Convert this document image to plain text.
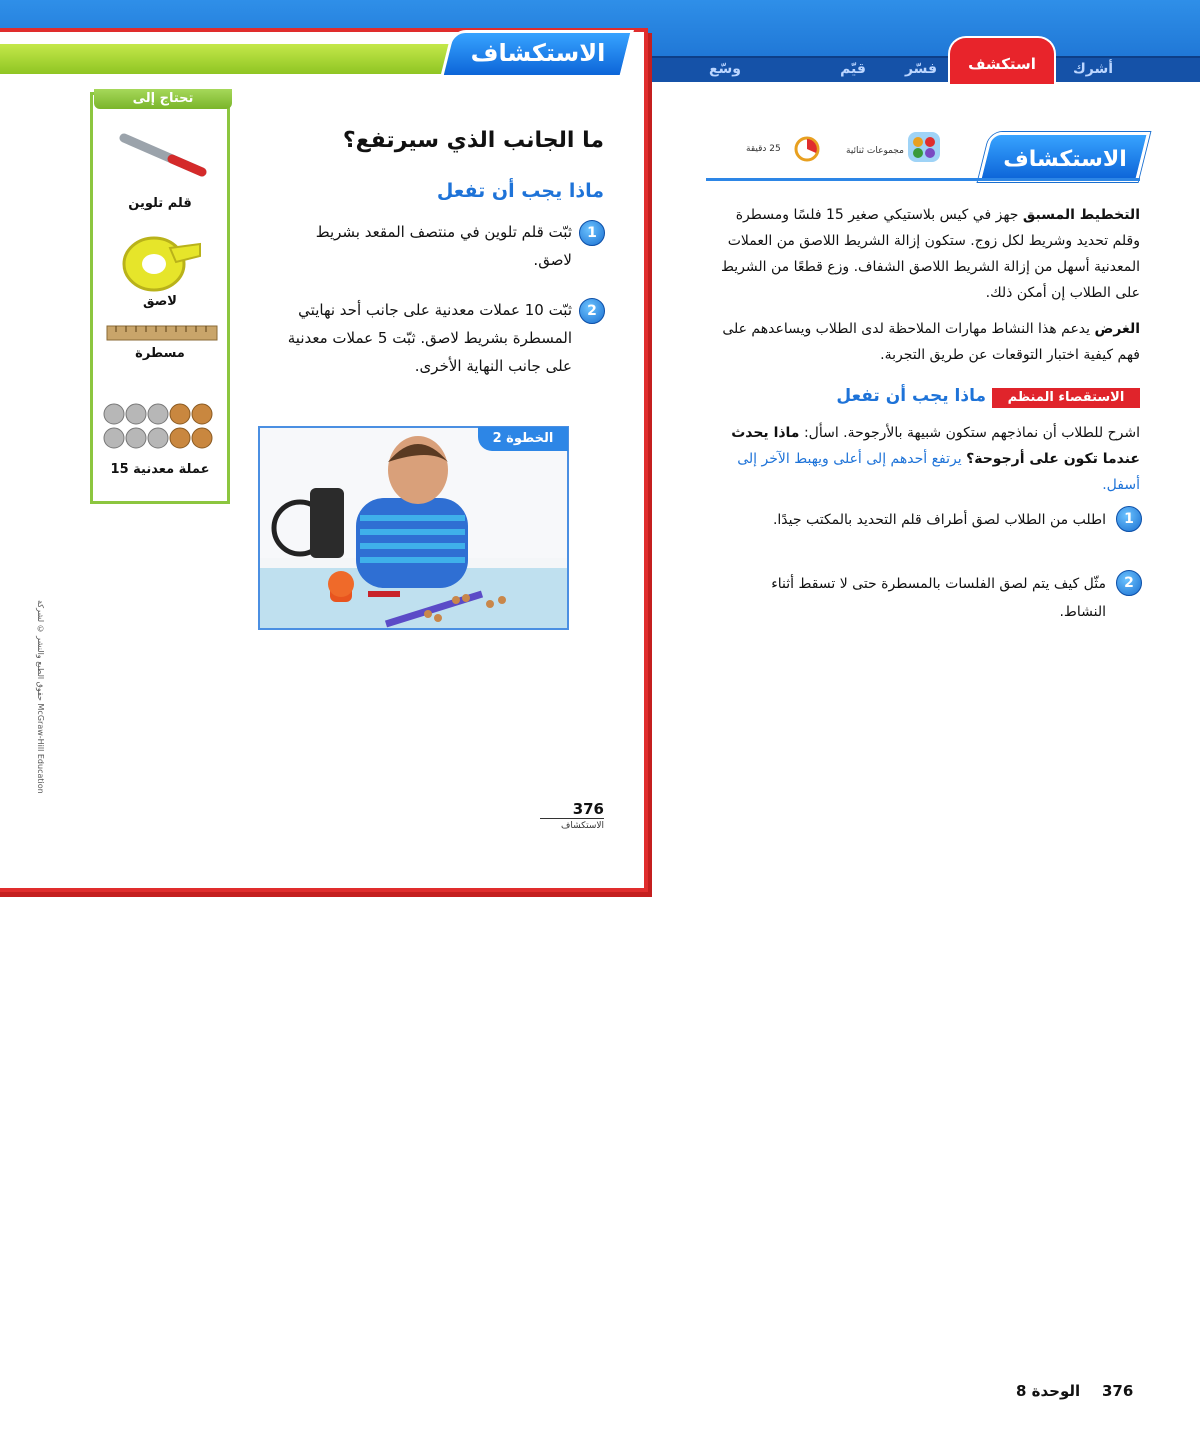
أشرك
استكشف
فسّر
قيّم
وسّع
الاستكشاف
ما الجانب الذي سيرتفع؟
ماذا يجب أن تفعل
1
ثبّت قلم تلوين في منتصف المقعد بشريط لاصق.
2
ثبّت 10 عملات معدنية على جانب أحد نهايتي المسطرة بشريط لاصق. ثبّت 5 عملات معدنية على جانب النهاية الأخرى.
الخطوة 2
تحتاج إلى
قلم تلوين
لاصق
مسطرة
15 عملة معدنية
حقوق الطبع والنشر © لشركة McGraw-Hill Education
376
الاستكشاف
25 دقيقة	مجموعات ثنائية	الاستكشاف
التخطيط المسبق جهز في كيس بلاستيكي صغير 15 فلسًا ومسطرة وقلم تحديد وشريط لكل زوج. ستكون إزالة الشريط اللاصق من العملات المعدنية أسهل من إزالة الشريط اللاصق الشفاف. وزع قطعًا من الشريط على الطلاب إن أمكن ذلك.
الغرض يدعم هذا النشاط مهارات الملاحظة لدى الطلاب ويساعدهم على فهم كيفية اختبار التوقعات عن طريق التجربة.
الاستقصاء المنظم
ماذا يجب أن تفعل
اشرح للطلاب أن نماذجهم ستكون شبيهة بالأرجوحة. اسأل: ماذا يحدث عندما تكون على أرجوحة؟ يرتفع أحدهم إلى أعلى ويهبط الآخر إلى أسفل.
1
اطلب من الطلاب لصق أطراف قلم التحديد بالمكتب جيدًا.
2
مثّل كيف يتم لصق الفلسات بالمسطرة حتى لا تسقط أثناء النشاط.
376
الوحدة 8
